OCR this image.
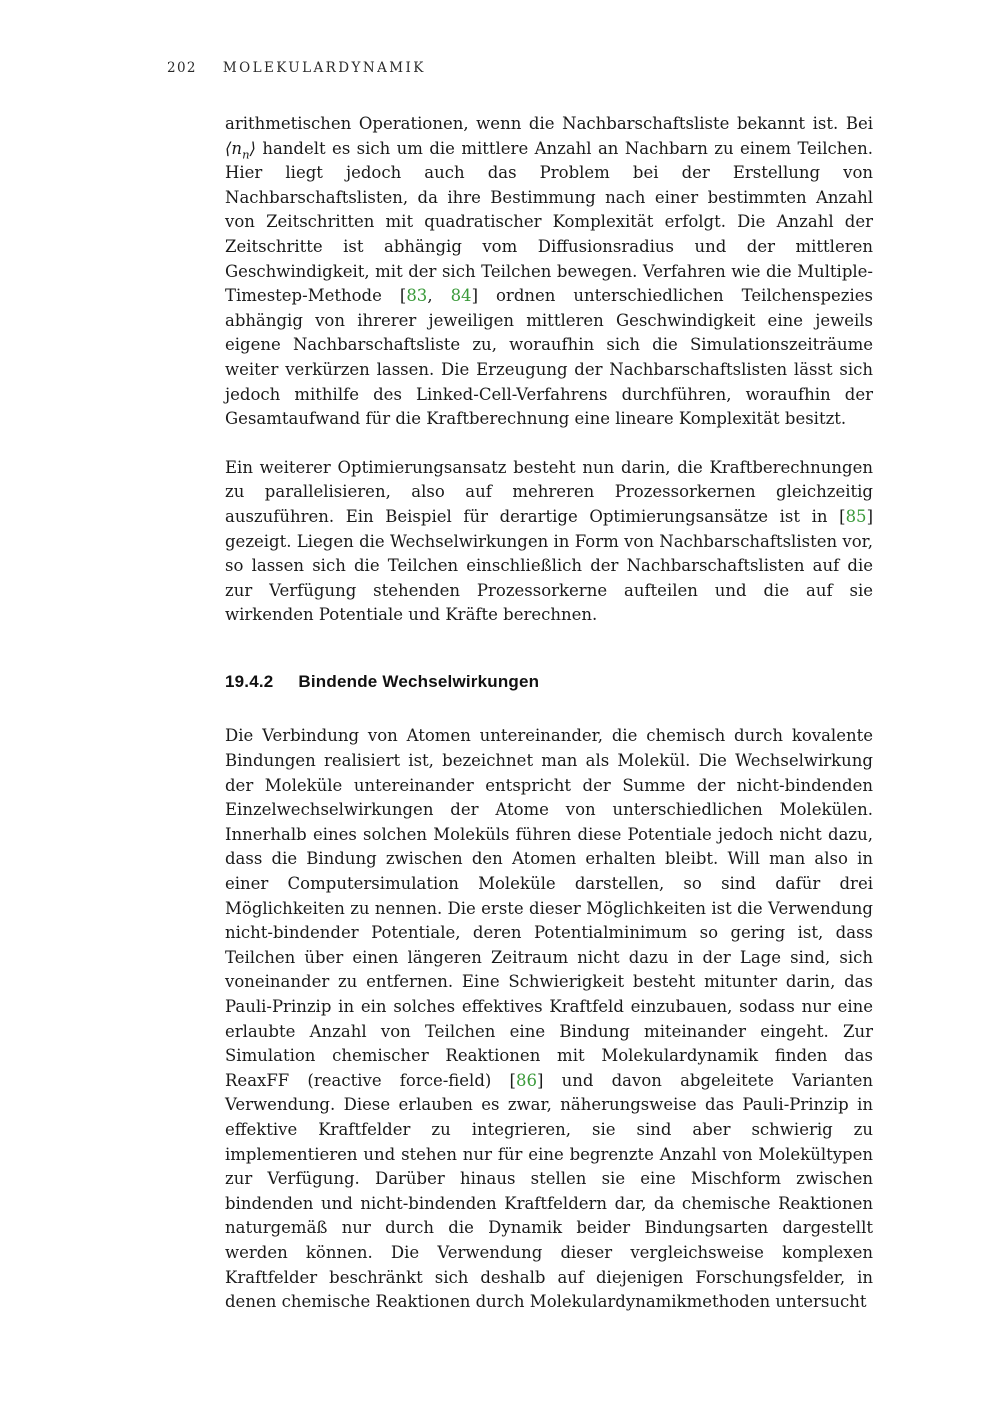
202 MOLEKULARDYNAMIK

arithmetischen Operationen, wenn die Nachbarschaftsliste bekannt ist. Bei $⟨n_n⟩$ handelt es sich um die mittlere Anzahl an Nachbarn zu einem Teilchen. Hier liegt jedoch auch das Problem bei der Erstellung von Nachbarschaftslisten, da ihre Bestimmung nach einer bestimmten Anzahl von Zeitschritten mit quadratischer Komplexität erfolgt. Die Anzahl der Zeitschritte ist abhängig vom Diffusionsradius und der mittleren Geschwindigkeit, mit der sich Teilchen bewegen. Verfahren wie die Multiple-Timestep-Methode [83, 84] ordnen unterschiedlichen Teilchenspezies abhängig von ihrerer jeweiligen mittleren Geschwindigkeit eine jeweils eigene Nachbarschaftsliste zu, woraufhin sich die Simulationszeiträume weiter verkürzen lassen. Die Erzeugung der Nachbarschaftslisten lässt sich jedoch mithilfe des Linked-Cell-Verfahrens durchführen, woraufhin der Gesamtaufwand für die Kraftberechnung eine lineare Komplexität besitzt.

Ein weiterer Optimierungsansatz besteht nun darin, die Kraftberechnungen zu parallelisieren, also auf mehreren Prozessorkernen gleichzeitig auszuführen. Ein Beispiel für derartige Optimierungsansätze ist in [85] gezeigt. Liegen die Wechselwirkungen in Form von Nachbarschaftslisten vor, so lassen sich die Teilchen einschließlich der Nachbarschaftslisten auf die zur Verfügung stehenden Prozessorkerne aufteilen und die auf sie wirkenden Potentiale und Kräfte berechnen.

19.4.2 Bindende Wechselwirkungen

Die Verbindung von Atomen untereinander, die chemisch durch kovalente Bindungen realisiert ist, bezeichnet man als Molekül. Die Wechselwirkung der Moleküle untereinander entspricht der Summe der nicht-bindenden Einzelwechselwirkungen der Atome von unterschiedlichen Molekülen. Innerhalb eines solchen Moleküls führen diese Potentiale jedoch nicht dazu, dass die Bindung zwischen den Atomen erhalten bleibt. Will man also in einer Computersimulation Moleküle darstellen, so sind dafür drei Möglichkeiten zu nennen. Die erste dieser Möglichkeiten ist die Verwendung nicht-bindender Potentiale, deren Potentialminimum so gering ist, dass Teilchen über einen längeren Zeitraum nicht dazu in der Lage sind, sich voneinander zu entfernen. Eine Schwierigkeit besteht mitunter darin, das Pauli-Prinzip in ein solches effektives Kraftfeld einzubauen, sodass nur eine erlaubte Anzahl von Teilchen eine Bindung miteinander eingeht. Zur Simulation chemischer Reaktionen mit Molekulardynamik finden das ReaxFF (reactive force-field) [86] und davon abgeleitete Varianten Verwendung. Diese erlauben es zwar, näherungsweise das Pauli-Prinzip in effektive Kraftfelder zu integrieren, sie sind aber schwierig zu implementieren und stehen nur für eine begrenzte Anzahl von Molekültypen zur Verfügung. Darüber hinaus stellen sie eine Mischform zwischen bindenden und nicht-bindenden Kraftfeldern dar, da chemische Reaktionen naturgemäß nur durch die Dynamik beider Bindungsarten dargestellt werden können. Die Verwendung dieser vergleichsweise komplexen Kraftfelder beschränkt sich deshalb auf diejenigen Forschungsfelder, in denen chemische Reaktionen durch Molekulardynamikmethoden untersucht
